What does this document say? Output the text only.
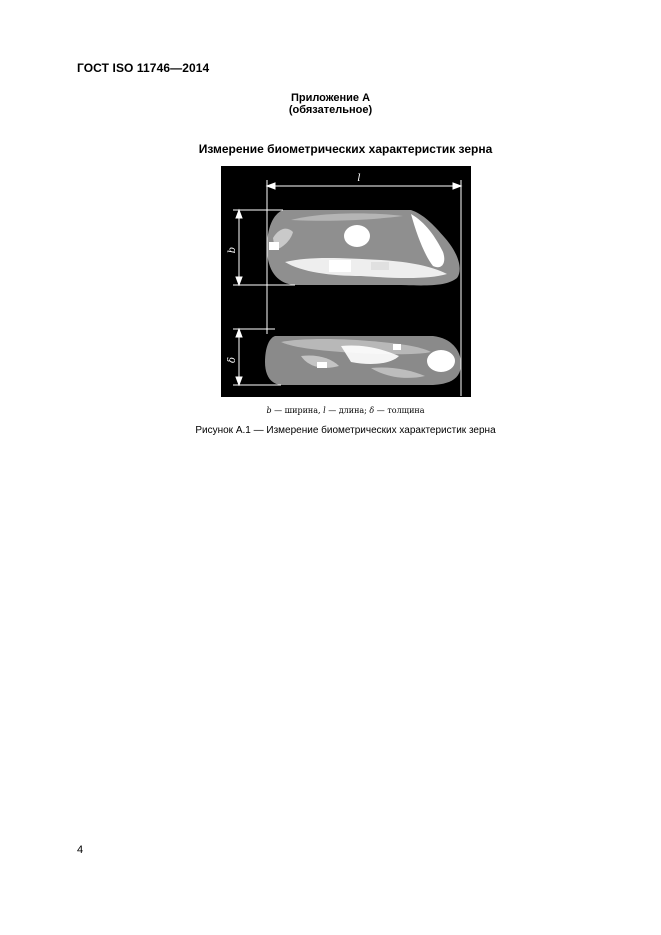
ГОСТ ISO 11746—2014
Приложение А
(обязательное)
Измерение биометрических характеристик зерна
l
b
δ
b — ширина, l — длина; δ — толщина
Рисунок А.1 — Измерение биометрических характеристик зерна
4
